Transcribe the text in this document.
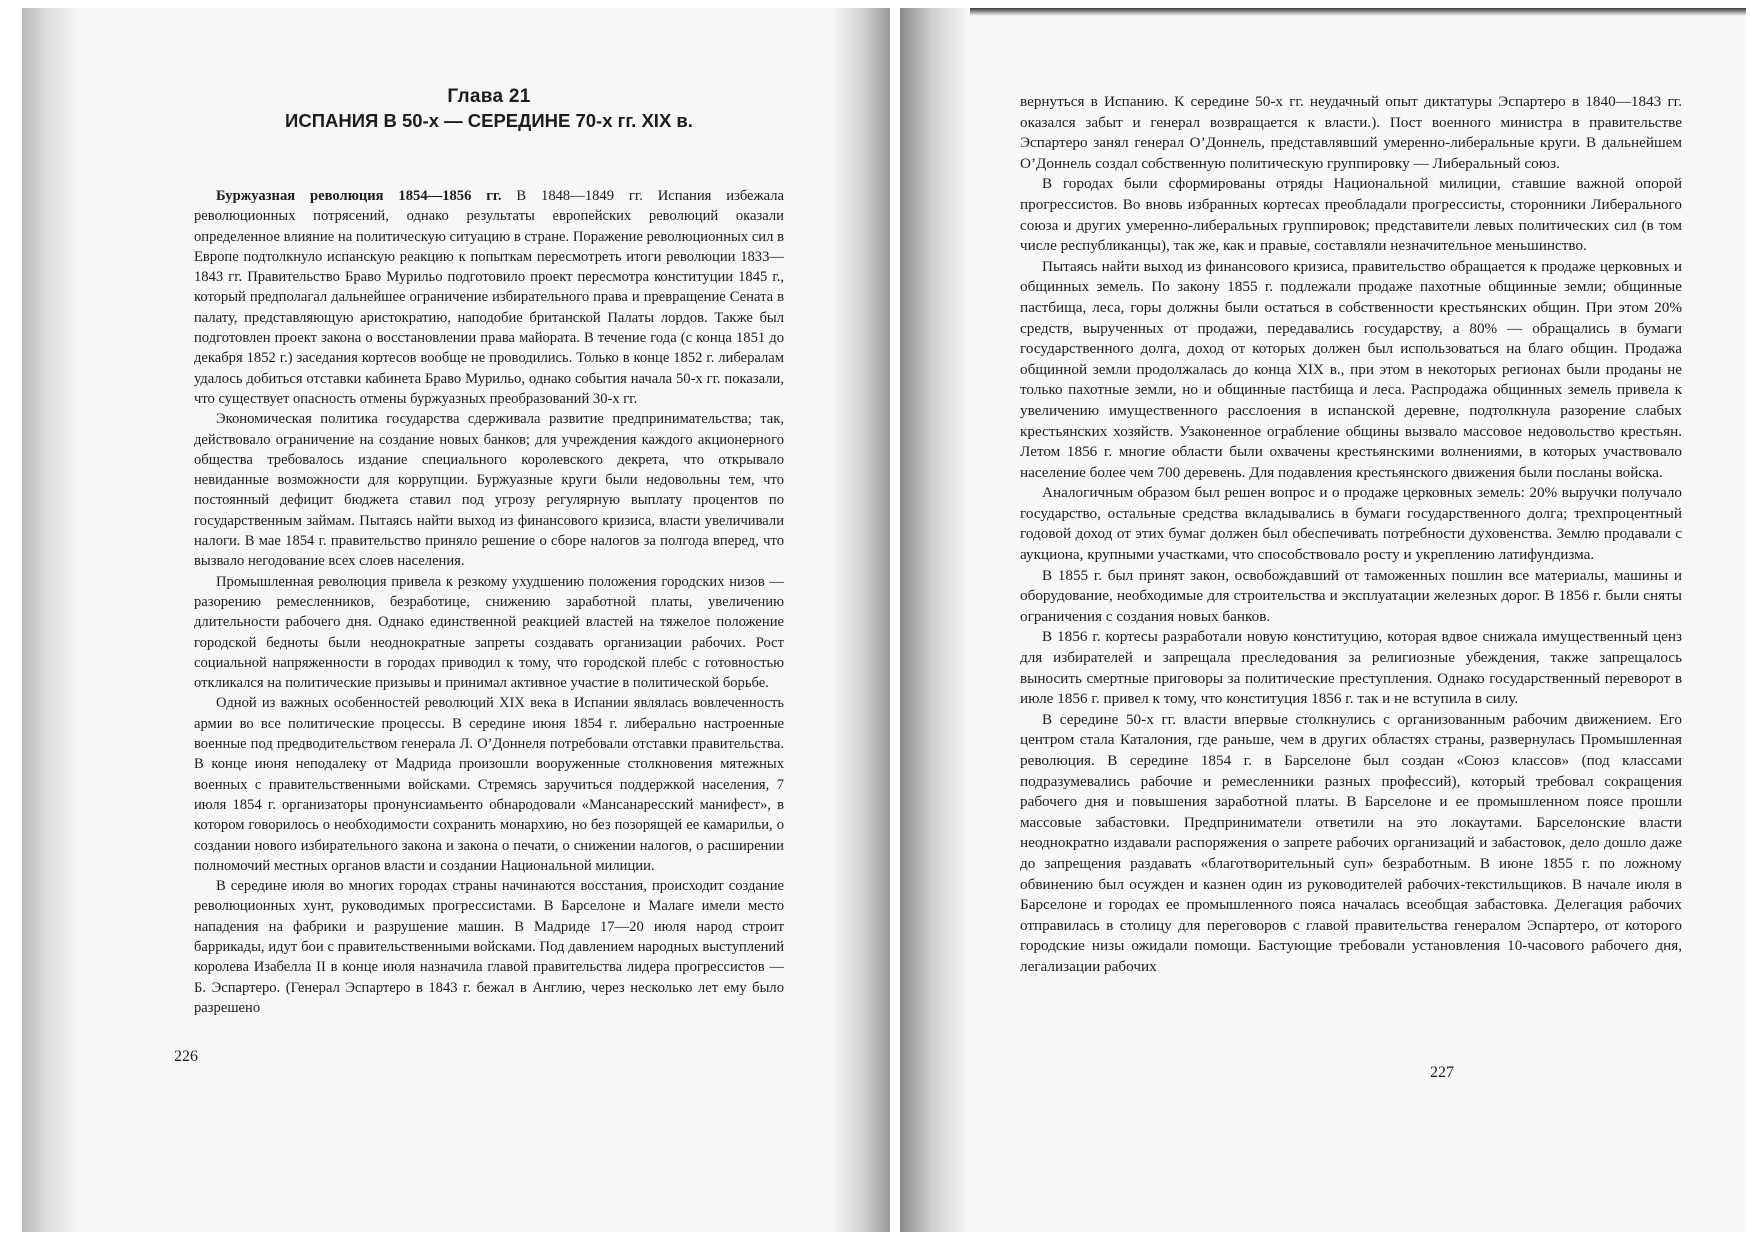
Глава 21
ИСПАНИЯ В 50-х — СЕРЕДИНЕ 70-х гг. XIX в.

Буржуазная революция 1854—1856 гг. В 1848—1849 гг. Испания избежала революционных потрясений, однако результаты европейских революций оказали определенное влияние на политическую ситуацию в стране. Поражение революционных сил в Европе подтолкнуло испанскую реакцию к попыткам пересмотреть итоги революции 1833—1843 гг. Правительство Браво Мурильо подготовило проект пересмотра конституции 1845 г., который предполагал дальнейшее ограничение избирательного права и превращение Сената в палату, представляющую аристократию, наподобие британской Палаты лордов. Также был подготовлен проект закона о восстановлении права майората. В течение года (с конца 1851 до декабря 1852 г.) заседания кортесов вообще не проводились. Только в конце 1852 г. либералам удалось добиться отставки кабинета Браво Мурильо, однако события начала 50-х гг. показали, что существует опасность отмены буржуазных преобразований 30-х гг.

Экономическая политика государства сдерживала развитие предпринимательства; так, действовало ограничение на создание новых банков; для учреждения каждого акционерного общества требовалось издание специального королевского декрета, что открывало невиданные возможности для коррупции. Буржуазные круги были недовольны тем, что постоянный дефицит бюджета ставил под угрозу регулярную выплату процентов по государственным займам. Пытаясь найти выход из финансового кризиса, власти увеличивали налоги. В мае 1854 г. правительство приняло решение о сборе налогов за полгода вперед, что вызвало негодование всех слоев населения.

Промышленная революция привела к резкому ухудшению положения городских низов — разорению ремесленников, безработице, снижению заработной платы, увеличению длительности рабочего дня. Однако единственной реакцией властей на тяжелое положение городской бедноты были неоднократные запреты создавать организации рабочих. Рост социальной напряженности в городах приводил к тому, что городской плебс с готовностью откликался на политические призывы и принимал активное участие в политической борьбе.

Одной из важных особенностей революций XIX века в Испании являлась вовлеченность армии во все политические процессы. В середине июня 1854 г. либерально настроенные военные под предводительством генерала Л. О’Доннеля потребовали отставки правительства. В конце июня неподалеку от Мадрида произошли вооруженные столкновения мятежных военных с правительственными войсками. Стремясь заручиться поддержкой населения, 7 июля 1854 г. организаторы пронунсиамьенто обнародовали «Мансанаресский манифест», в котором говорилось о необходимости сохранить монархию, но без позорящей ее камарильи, о создании нового избирательного закона и закона о печати, о снижении налогов, о расширении полномочий местных органов власти и создании Национальной милиции.

В середине июля во многих городах страны начинаются восстания, происходит создание революционных хунт, руководимых прогрессистами. В Барселоне и Малаге имели место нападения на фабрики и разрушение машин. В Мадриде 17—20 июля народ строит баррикады, идут бои с правительственными войсками. Под давлением народных выступлений королева Изабелла II в конце июля назначила главой правительства лидера прогрессистов — Б. Эспартеро. (Генерал Эспартеро в 1843 г. бежал в Англию, через несколько лет ему было разрешено

226

вернуться в Испанию. К середине 50-х гг. неудачный опыт диктатуры Эспартеро в 1840—1843 гг. оказался забыт и генерал возвращается к власти.). Пост военного министра в правительстве Эспартеро занял генерал О’Доннель, представлявший умеренно-либеральные круги. В дальнейшем О’Доннель создал собственную политическую группировку — Либеральный союз.

В городах были сформированы отряды Национальной милиции, ставшие важной опорой прогрессистов. Во вновь избранных кортесах преобладали прогрессисты, сторонники Либерального союза и других умеренно-либеральных группировок; представители левых политических сил (в том числе республиканцы), так же, как и правые, составляли незначительное меньшинство.

Пытаясь найти выход из финансового кризиса, правительство обращается к продаже церковных и общинных земель. По закону 1855 г. подлежали продаже пахотные общинные земли; общинные пастбища, леса, горы должны были остаться в собственности крестьянских общин. При этом 20% средств, вырученных от продажи, передавались государству, а 80% — обращались в бумаги государственного долга, доход от которых должен был использоваться на благо общин. Продажа общинной земли продолжалась до конца XIX в., при этом в некоторых регионах были проданы не только пахотные земли, но и общинные пастбища и леса. Распродажа общинных земель привела к увеличению имущественного расслоения в испанской деревне, подтолкнула разорение слабых крестьянских хозяйств. Узаконенное ограбление общины вызвало массовое недовольство крестьян. Летом 1856 г. многие области были охвачены крестьянскими волнениями, в которых участвовало население более чем 700 деревень. Для подавления крестьянского движения были посланы войска.

Аналогичным образом был решен вопрос и о продаже церковных земель: 20% выручки получало государство, остальные средства вкладывались в бумаги государственного долга; трехпроцентный годовой доход от этих бумаг должен был обеспечивать потребности духовенства. Землю продавали с аукциона, крупными участками, что способствовало росту и укреплению латифундизма.

В 1855 г. был принят закон, освобождавший от таможенных пошлин все материалы, машины и оборудование, необходимые для строительства и эксплуатации железных дорог. В 1856 г. были сняты ограничения с создания новых банков.

В 1856 г. кортесы разработали новую конституцию, которая вдвое снижала имущественный ценз для избирателей и запрещала преследования за религиозные убеждения, также запрещалось выносить смертные приговоры за политические преступления. Однако государственный переворот в июле 1856 г. привел к тому, что конституция 1856 г. так и не вступила в силу.

В середине 50-х гг. власти впервые столкнулись с организованным рабочим движением. Его центром стала Каталония, где раньше, чем в других областях страны, развернулась Промышленная революция. В середине 1854 г. в Барселоне был создан «Союз классов» (под классами подразумевались рабочие и ремесленники разных профессий), который требовал сокращения рабочего дня и повышения заработной платы. В Барселоне и ее промышленном поясе прошли массовые забастовки. Предприниматели ответили на это локаутами. Барселонские власти неоднократно издавали распоряжения о запрете рабочих организаций и забастовок, дело дошло даже до запрещения раздавать «благотворительный суп» безработным. В июне 1855 г. по ложному обвинению был осужден и казнен один из руководителей рабочих-текстильщиков. В начале июля в Барселоне и городах ее промышленного пояса началась всеобщая забастовка. Делегация рабочих отправилась в столицу для переговоров с главой правительства генералом Эспартеро, от которого городские низы ожидали помощи. Бастующие требовали установления 10-часового рабочего дня, легализации рабочих

227
